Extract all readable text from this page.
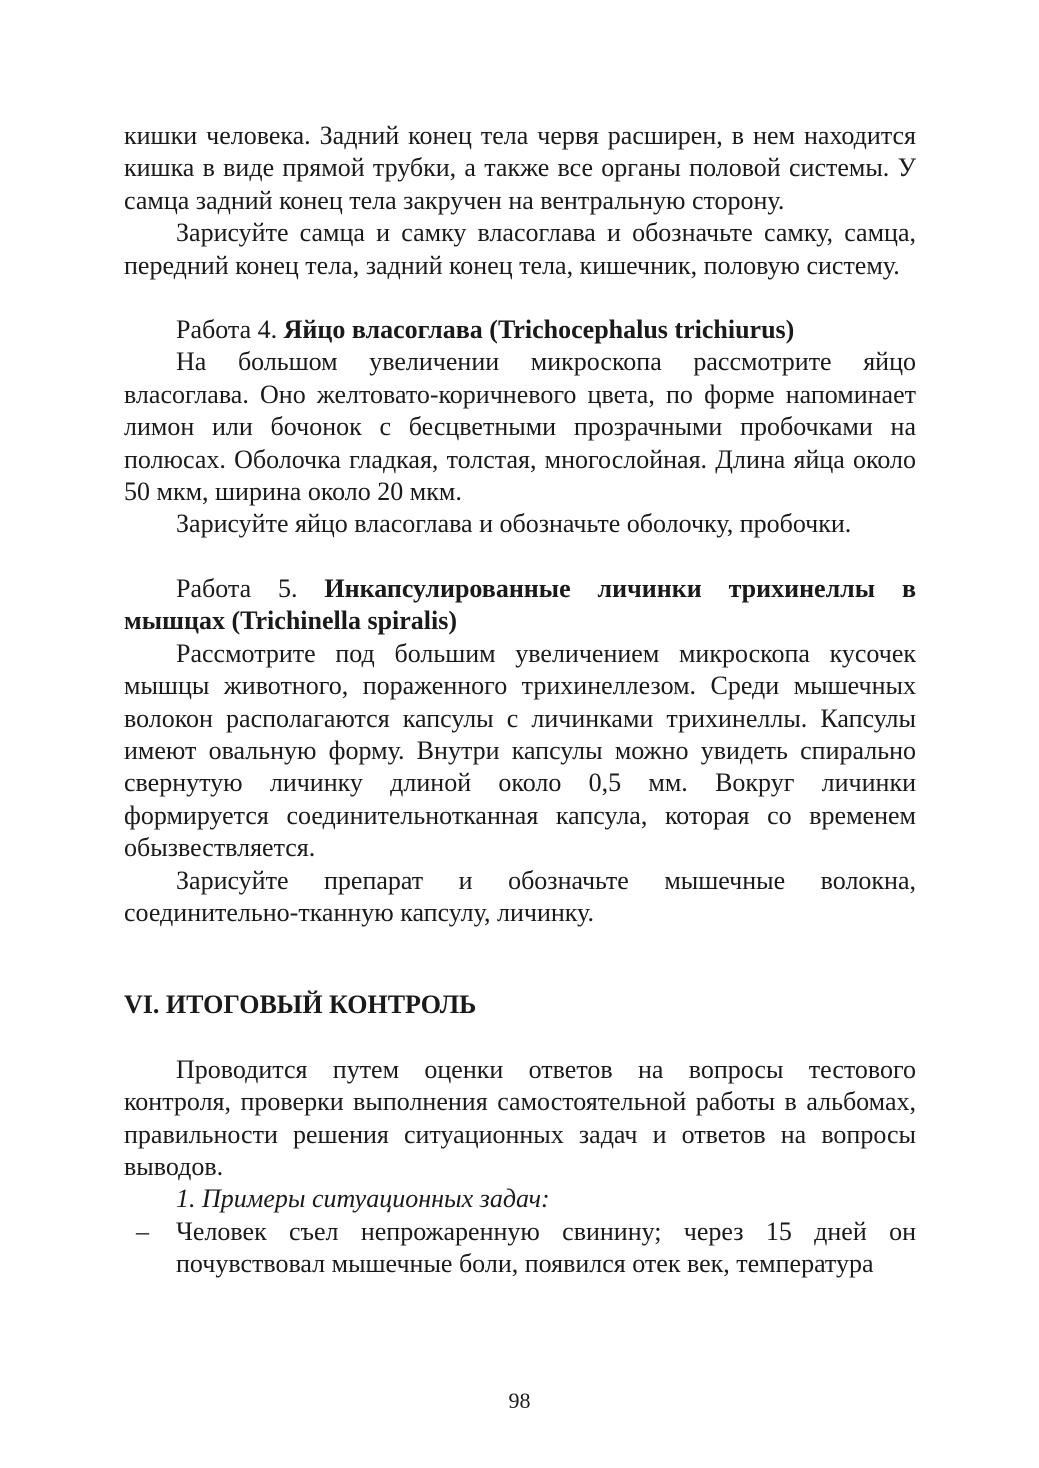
кишки человека. Задний конец тела червя расширен, в нем находится кишка в виде прямой трубки, а также все органы половой системы. У самца задний конец тела закручен на вентральную сторону.

Зарисуйте самца и самку власоглава и обозначьте самку, самца, передний конец тела, задний конец тела, кишечник, половую систему.

Работа 4. Яйцо власоглава (Trichocephalus trichiurus)

На большом увеличении микроскопа рассмотрите яйцо власоглава. Оно желтовато-коричневого цвета, по форме напоминает лимон или бочонок с бесцветными прозрачными пробочками на полюсах. Оболочка гладкая, толстая, многослойная. Длина яйца около 50 мкм, ширина около 20 мкм.

Зарисуйте яйцо власоглава и обозначьте оболочку, пробочки.

Работа 5. Инкапсулированные личинки трихинеллы в мышцах (Trichinella spiralis)

Рассмотрите под большим увеличением микроскопа кусочек мышцы животного, пораженного трихинеллезом. Среди мышечных волокон располагаются капсулы с личинками трихинеллы. Капсулы имеют овальную форму. Внутри капсулы можно увидеть спирально свернутую личинку длиной около 0,5 мм. Вокруг личинки формируется соединительнотканная капсула, которая со временем обызвествляется.

Зарисуйте препарат и обозначьте мышечные волокна, соединительно-тканную капсулу, личинку.

VI. ИТОГОВЫЙ КОНТРОЛЬ

Проводится путем оценки ответов на вопросы тестового контроля, проверки выполнения самостоятельной работы в альбомах, правильности решения ситуационных задач и ответов на вопросы выводов.

1. Примеры ситуационных задач:

– Человек съел непрожаренную свинину; через 15 дней он почувствовал мышечные боли, появился отек век, температура
98
